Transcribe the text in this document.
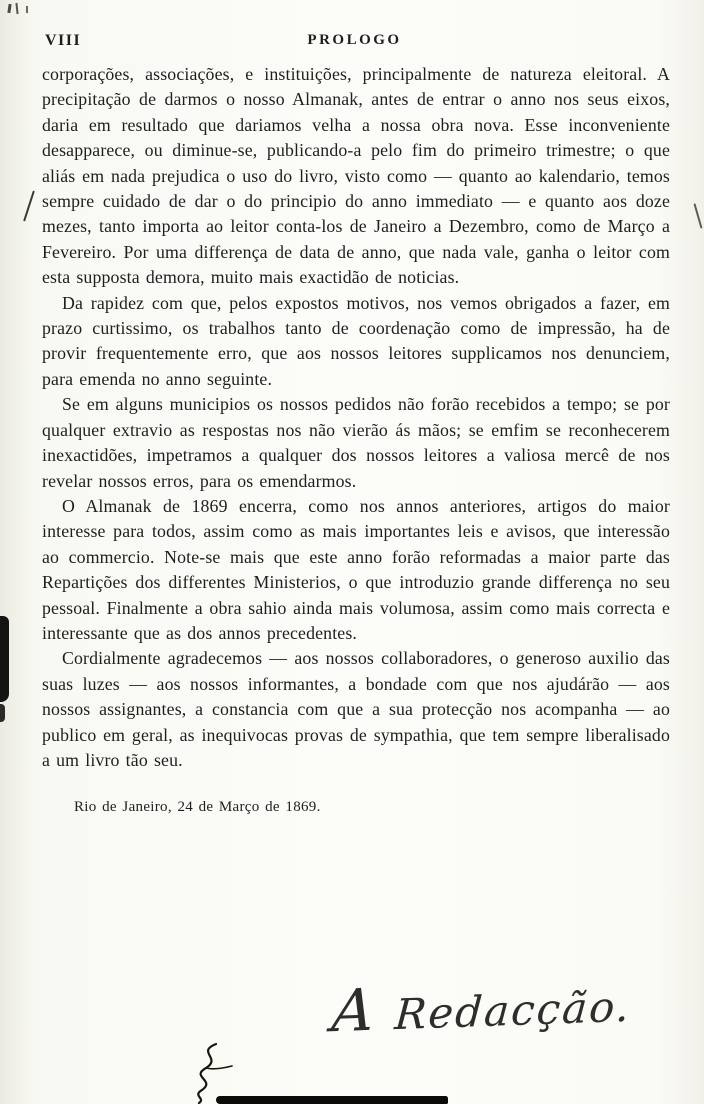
VIII	PROLOGO

corporações, associações, e instituições, principalmente de natureza eleitoral. A precipitação de darmos o nosso Almanak, antes de entrar o anno nos seus eixos, daria em resultado que dariamos velha a nossa obra nova. Esse inconveniente desapparece, ou diminue-se, publicando-a pelo fim do primeiro trimestre; o que aliás em nada prejudica o uso do livro, visto como — quanto ao kalendario, temos sempre cuidado de dar o do principio do anno immediato — e quanto aos doze mezes, tanto importa ao leitor conta-los de Janeiro a Dezembro, como de Março a Fevereiro. Por uma differença de data de anno, que nada vale, ganha o leitor com esta supposta demora, muito mais exactidão de noticias.

Da rapidez com que, pelos expostos motivos, nos vemos obrigados a fazer, em prazo curtissimo, os trabalhos tanto de coordenação como de impressão, ha de provir frequentemente erro, que aos nossos leitores supplicamos nos denunciem, para emenda no anno seguinte.

Se em alguns municipios os nossos pedidos não forão recebidos a tempo; se por qualquer extravio as respostas nos não vierão ás mãos; se emfim se reconhecerem inexactidões, impetramos a qualquer dos nossos leitores a valiosa mercê de nos revelar nossos erros, para os emendarmos.

O Almanak de 1869 encerra, como nos annos anteriores, artigos do maior interesse para todos, assim como as mais importantes leis e avisos, que interessão ao commercio. Note-se mais que este anno forão reformadas a maior parte das Repartições dos differentes Ministerios, o que introduzio grande differença no seu pessoal. Finalmente a obra sahio ainda mais volumosa, assim como mais correcta e interessante que as dos annos precedentes.

Cordialmente agradecemos — aos nossos collaboradores, o generoso auxilio das suas luzes — aos nossos informantes, a bondade com que nos ajudárão — aos nossos assignantes, a constancia com que a sua protecção nos acompanha — ao publico em geral, as inequivocas provas de sympathia, que tem sempre liberalisado a um livro tão seu.

Rio de Janeiro, 24 de Março de 1869.

A Redacção.
